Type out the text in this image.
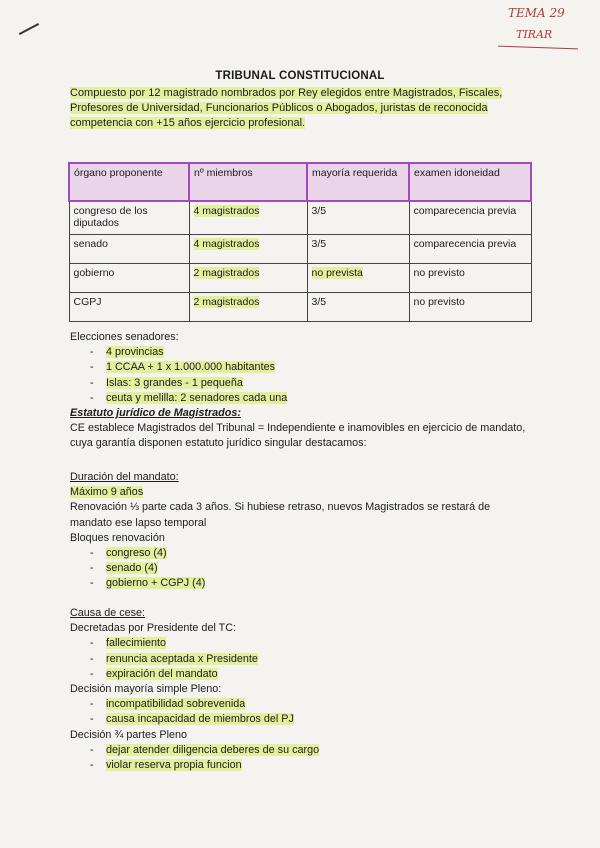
TEMA 29
TIRAR
TRIBUNAL CONSTITUCIONAL
Compuesto por 12 magistrado nombrados por Rey elegidos entre Magistrados, Fiscales, Profesores de Universidad, Funcionarios Públicos o Abogados, juristas de reconocida competencia con +15 años ejercicio profesional.
órgano proponente	nº miembros	mayoría requerida	examen idoneidad
congreso de los diputados	4 magistrados	3/5	comparecencia previa
senado	4 magistrados	3/5	comparecencia previa
gobierno	2 magistrados	no prevista	no previsto
CGPJ	2 magistrados	3/5	no previsto
Elecciones senadores:
- 4 provincias
- 1 CCAA + 1 x 1.000.000 habitantes
- Islas: 3 grandes - 1 pequeña
- ceuta y melilla: 2 senadores cada una
Estatuto jurídico de Magistrados:
CE establece Magistrados del Tribunal = Independiente e inamovibles en ejercicio de mandato, cuya garantía disponen estatuto jurídico singular destacamos:
Duración del mandato:
Máximo 9 años
Renovación ⅓ parte cada 3 años. Si hubiese retraso, nuevos Magistrados se restará de mandato ese lapso temporal
Bloques renovación
- congreso (4)
- senado (4)
- gobierno + CGPJ (4)
Causa de cese:
Decretadas por Presidente del TC:
- fallecimiento
- renuncia aceptada x Presidente
- expiración del mandato
Decisión mayoría simple Pleno:
- incompatibilidad sobrevenida
- causa incapacidad de miembros del PJ
Decisión ¾ partes Pleno
- dejar atender diligencia deberes de su cargo
- violar reserva propia funcion
